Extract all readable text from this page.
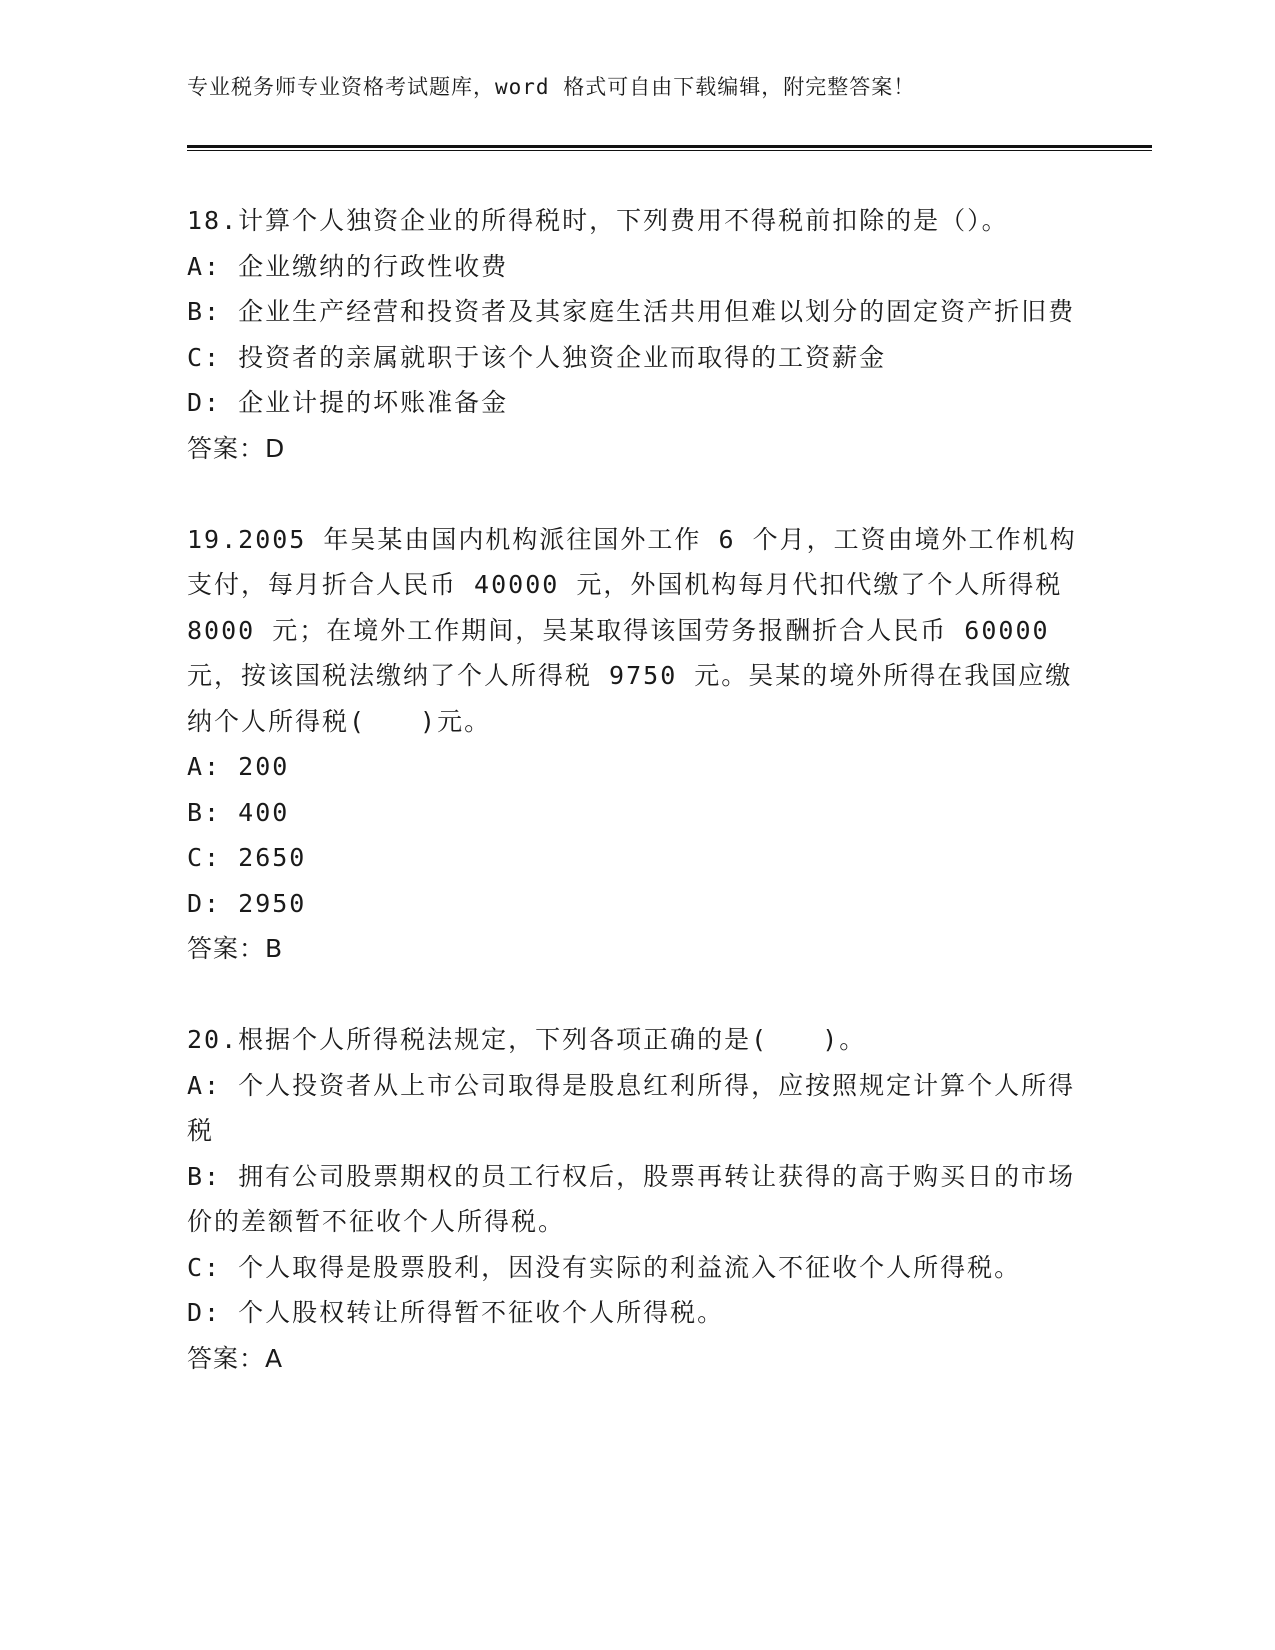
专业税务师专业资格考试题库，word 格式可自由下载编辑，附完整答案！

18.计算个人独资企业的所得税时，下列费用不得税前扣除的是（）。

A: 企业缴纳的行政性收费

B: 企业生产经营和投资者及其家庭生活共用但难以划分的固定资产折旧费

C: 投资者的亲属就职于该个人独资企业而取得的工资薪金

D: 企业计提的坏账准备金

答案：D

19.2005 年吴某由国内机构派往国外工作 6 个月，工资由境外工作机构支付，每月折合人民币 40000 元，外国机构每月代扣代缴了个人所得税 8000 元；在境外工作期间，吴某取得该国劳务报酬折合人民币 60000 元，按该国税法缴纳了个人所得税 9750 元。吴某的境外所得在我国应缴纳个人所得税(　　)元。

A: 200

B: 400

C: 2650

D: 2950

答案：B

20.根据个人所得税法规定，下列各项正确的是(　　)。

A: 个人投资者从上市公司取得是股息红利所得，应按照规定计算个人所得税

B: 拥有公司股票期权的员工行权后，股票再转让获得的高于购买日的市场价的差额暂不征收个人所得税。

C: 个人取得是股票股利，因没有实际的利益流入不征收个人所得税。

D: 个人股权转让所得暂不征收个人所得税。

答案：A
